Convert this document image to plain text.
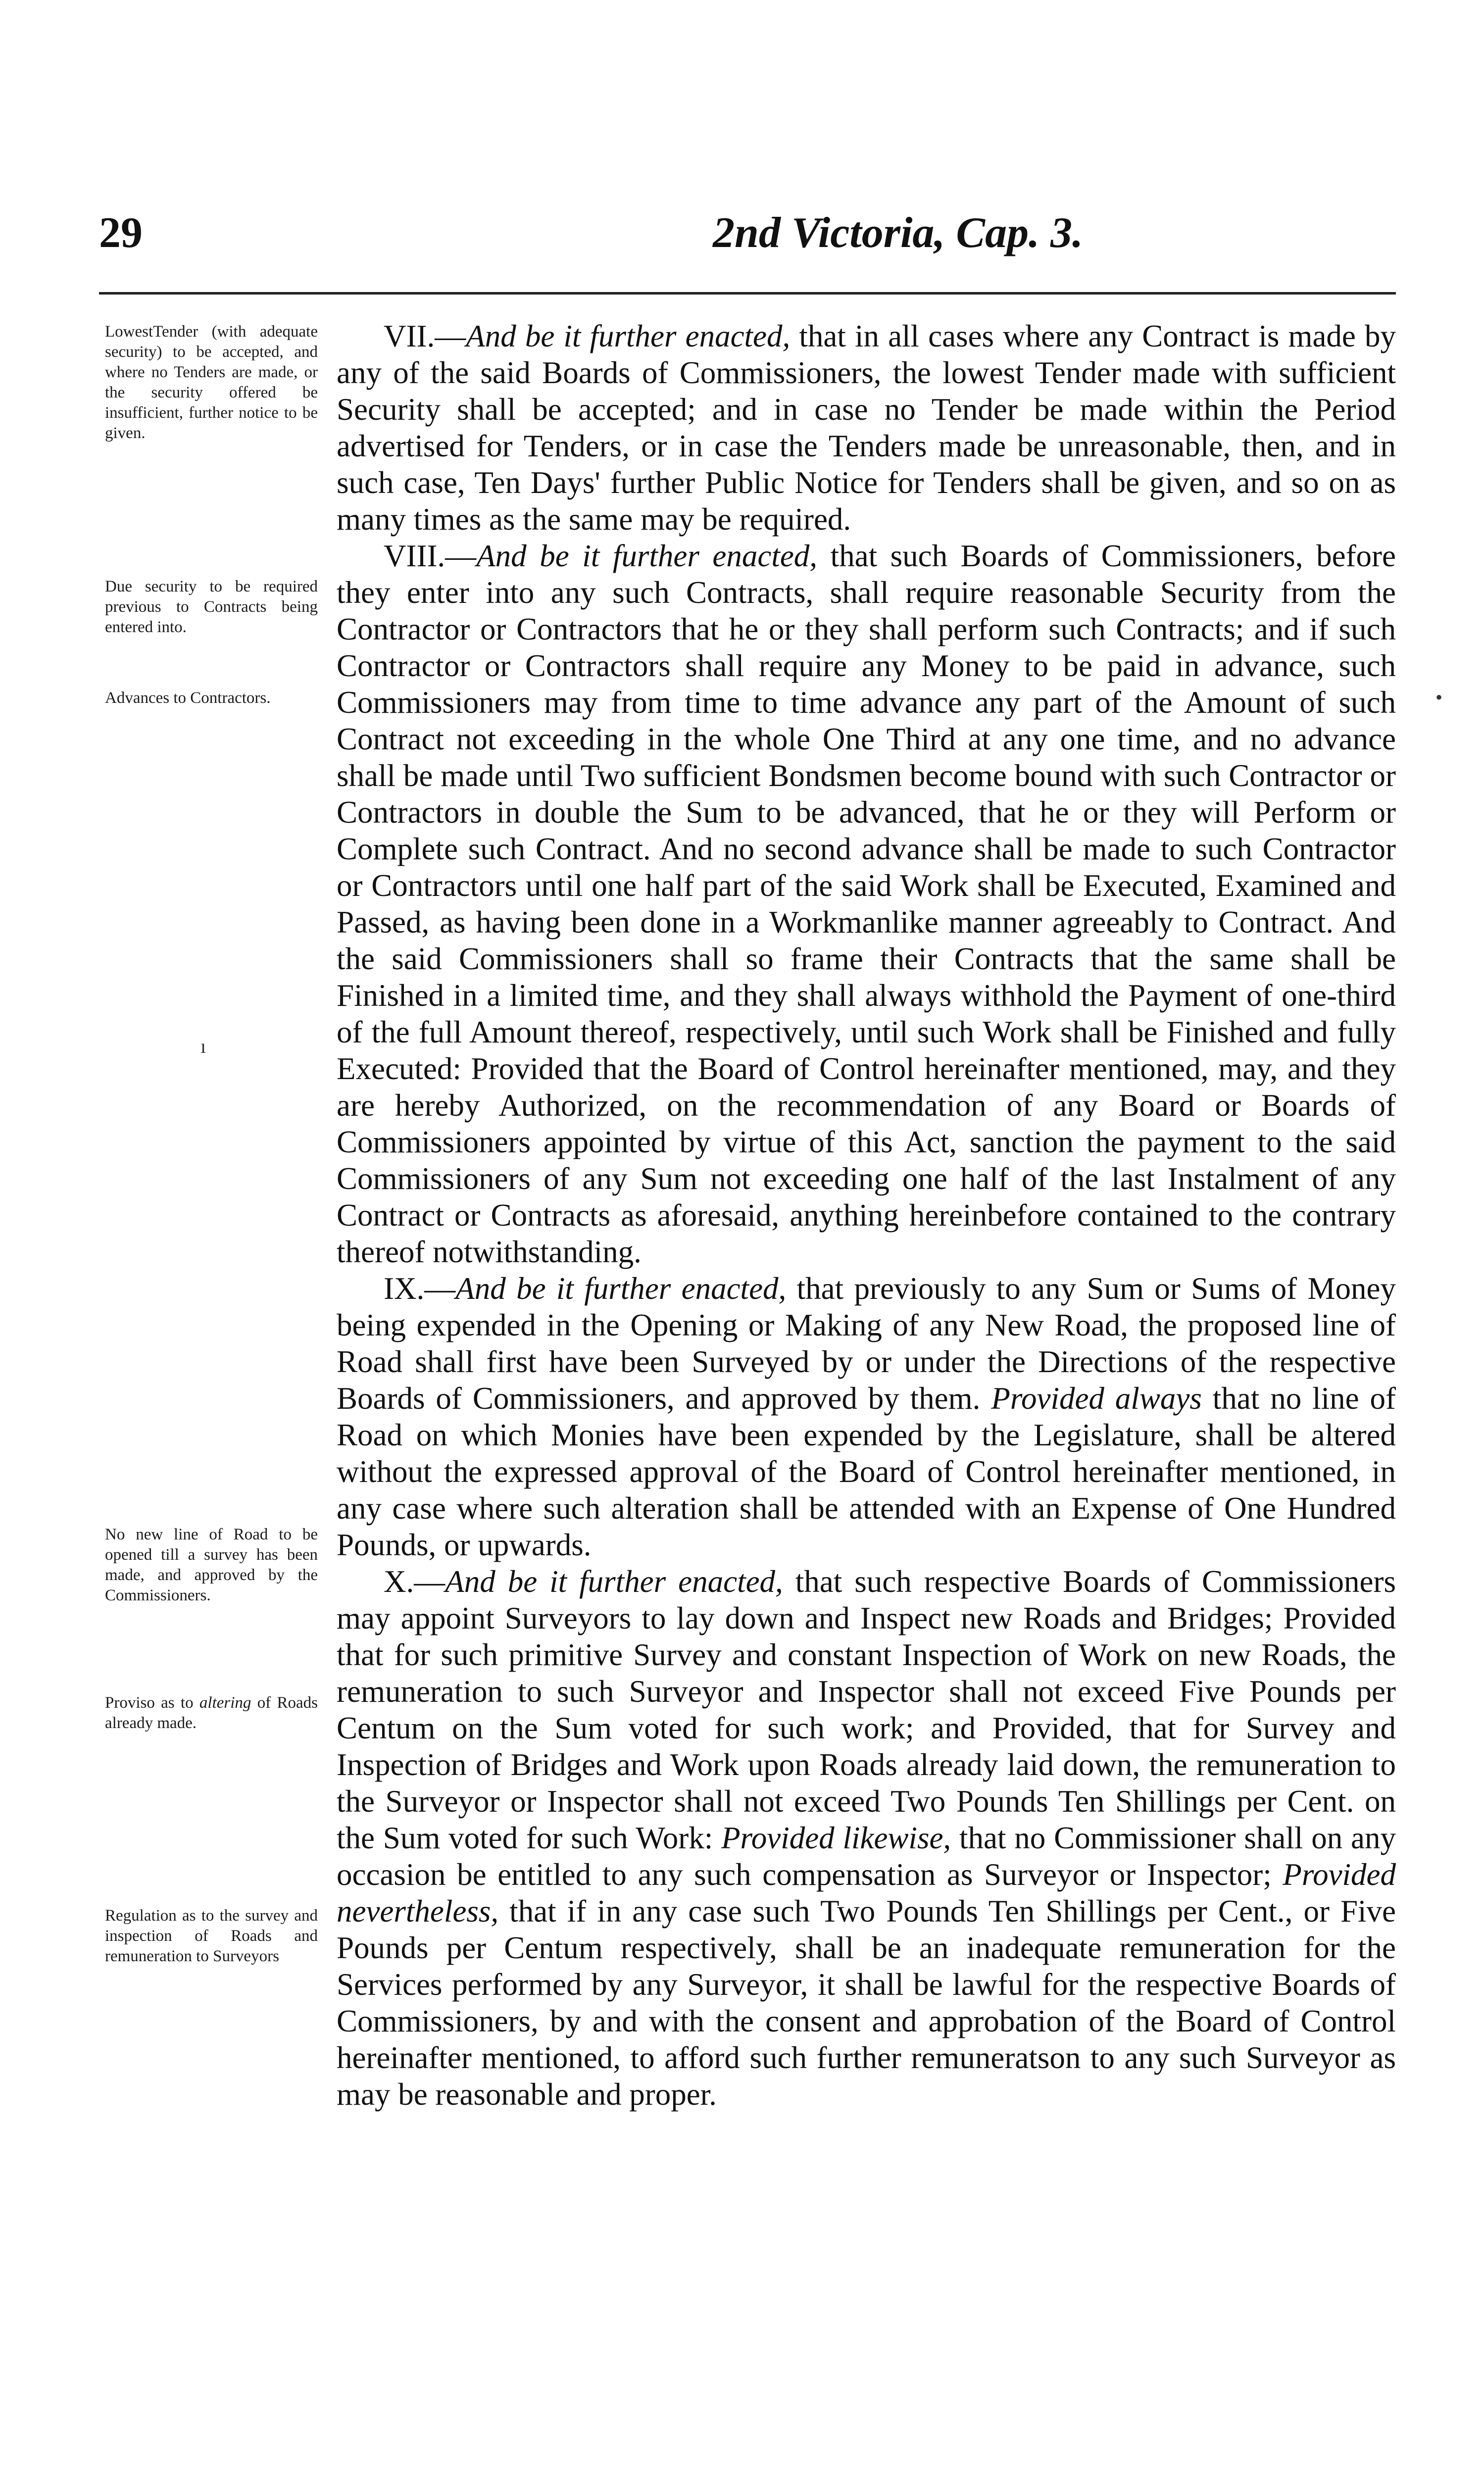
29	2nd Victoria, Cap. 3.
LowestTender (with adequate security) to be accepted, and where no Tenders are made, or the security offered be insufficient, further notice to be given.
Due security to be required previous to Contracts being entered into.
Advances to Contractors.
No new line of Road to be opened till a survey has been made, and approved by the Commissioners.
Proviso as to altering of Roads already made.
Regulation as to the survey and inspection of Roads and remuneration to Surveyors
•
ı

VII.—And be it further enacted, that in all cases where any Contract is made by any of the said Boards of Commissioners, the lowest Tender made with sufficient Security shall be accepted; and in case no Tender be made within the Period advertised for Tenders, or in case the Tenders made be unreasonable, then, and in such case, Ten Days' further Public Notice for Tenders shall be given, and so on as many times as the same may be required.

VIII.—And be it further enacted, that such Boards of Commissioners, before they enter into any such Contracts, shall require reasonable Security from the Contractor or Contractors that he or they shall perform such Contracts; and if such Contractor or Contractors shall require any Money to be paid in advance, such Commissioners may from time to time advance any part of the Amount of such Contract not exceeding in the whole One Third at any one time, and no advance shall be made until Two sufficient Bondsmen become bound with such Contractor or Contractors in double the Sum to be advanced, that he or they will Perform or Complete such Contract. And no second advance shall be made to such Contractor or Contractors until one half part of the said Work shall be Executed, Examined and Passed, as having been done in a Workmanlike manner agreeably to Contract. And the said Commissioners shall so frame their Contracts that the same shall be Finished in a limited time, and they shall always withhold the Payment of one-third of the full Amount thereof, respectively, until such Work shall be Finished and fully Executed: Provided that the Board of Control hereinafter mentioned, may, and they are hereby Authorized, on the recommendation of any Board or Boards of Commissioners appointed by virtue of this Act, sanction the payment to the said Commissioners of any Sum not exceeding one half of the last Instalment of any Contract or Contracts as aforesaid, anything hereinbefore contained to the contrary thereof notwithstanding.

IX.—And be it further enacted, that previously to any Sum or Sums of Money being expended in the Opening or Making of any New Road, the proposed line of Road shall first have been Surveyed by or under the Directions of the respective Boards of Commissioners, and approved by them. Provided always that no line of Road on which Monies have been expended by the Legislature, shall be altered without the expressed approval of the Board of Control hereinafter mentioned, in any case where such alteration shall be attended with an Expense of One Hundred Pounds, or upwards.

X.—And be it further enacted, that such respective Boards of Commissioners may appoint Surveyors to lay down and Inspect new Roads and Bridges; Provided that for such primitive Survey and constant Inspection of Work on new Roads, the remuneration to such Surveyor and Inspector shall not exceed Five Pounds per Centum on the Sum voted for such work; and Provided, that for Survey and Inspection of Bridges and Work upon Roads already laid down, the remuneration to the Surveyor or Inspector shall not exceed Two Pounds Ten Shillings per Cent. on the Sum voted for such Work: Provided likewise, that no Commissioner shall on any occasion be entitled to any such compensation as Surveyor or Inspector; Provided nevertheless, that if in any case such Two Pounds Ten Shillings per Cent., or Five Pounds per Centum respectively, shall be an inadequate remuneration for the Services performed by any Surveyor, it shall be lawful for the respective Boards of Commissioners, by and with the consent and approbation of the Board of Control hereinafter mentioned, to afford such further remuneratson to any such Surveyor as may be reasonable and proper.
